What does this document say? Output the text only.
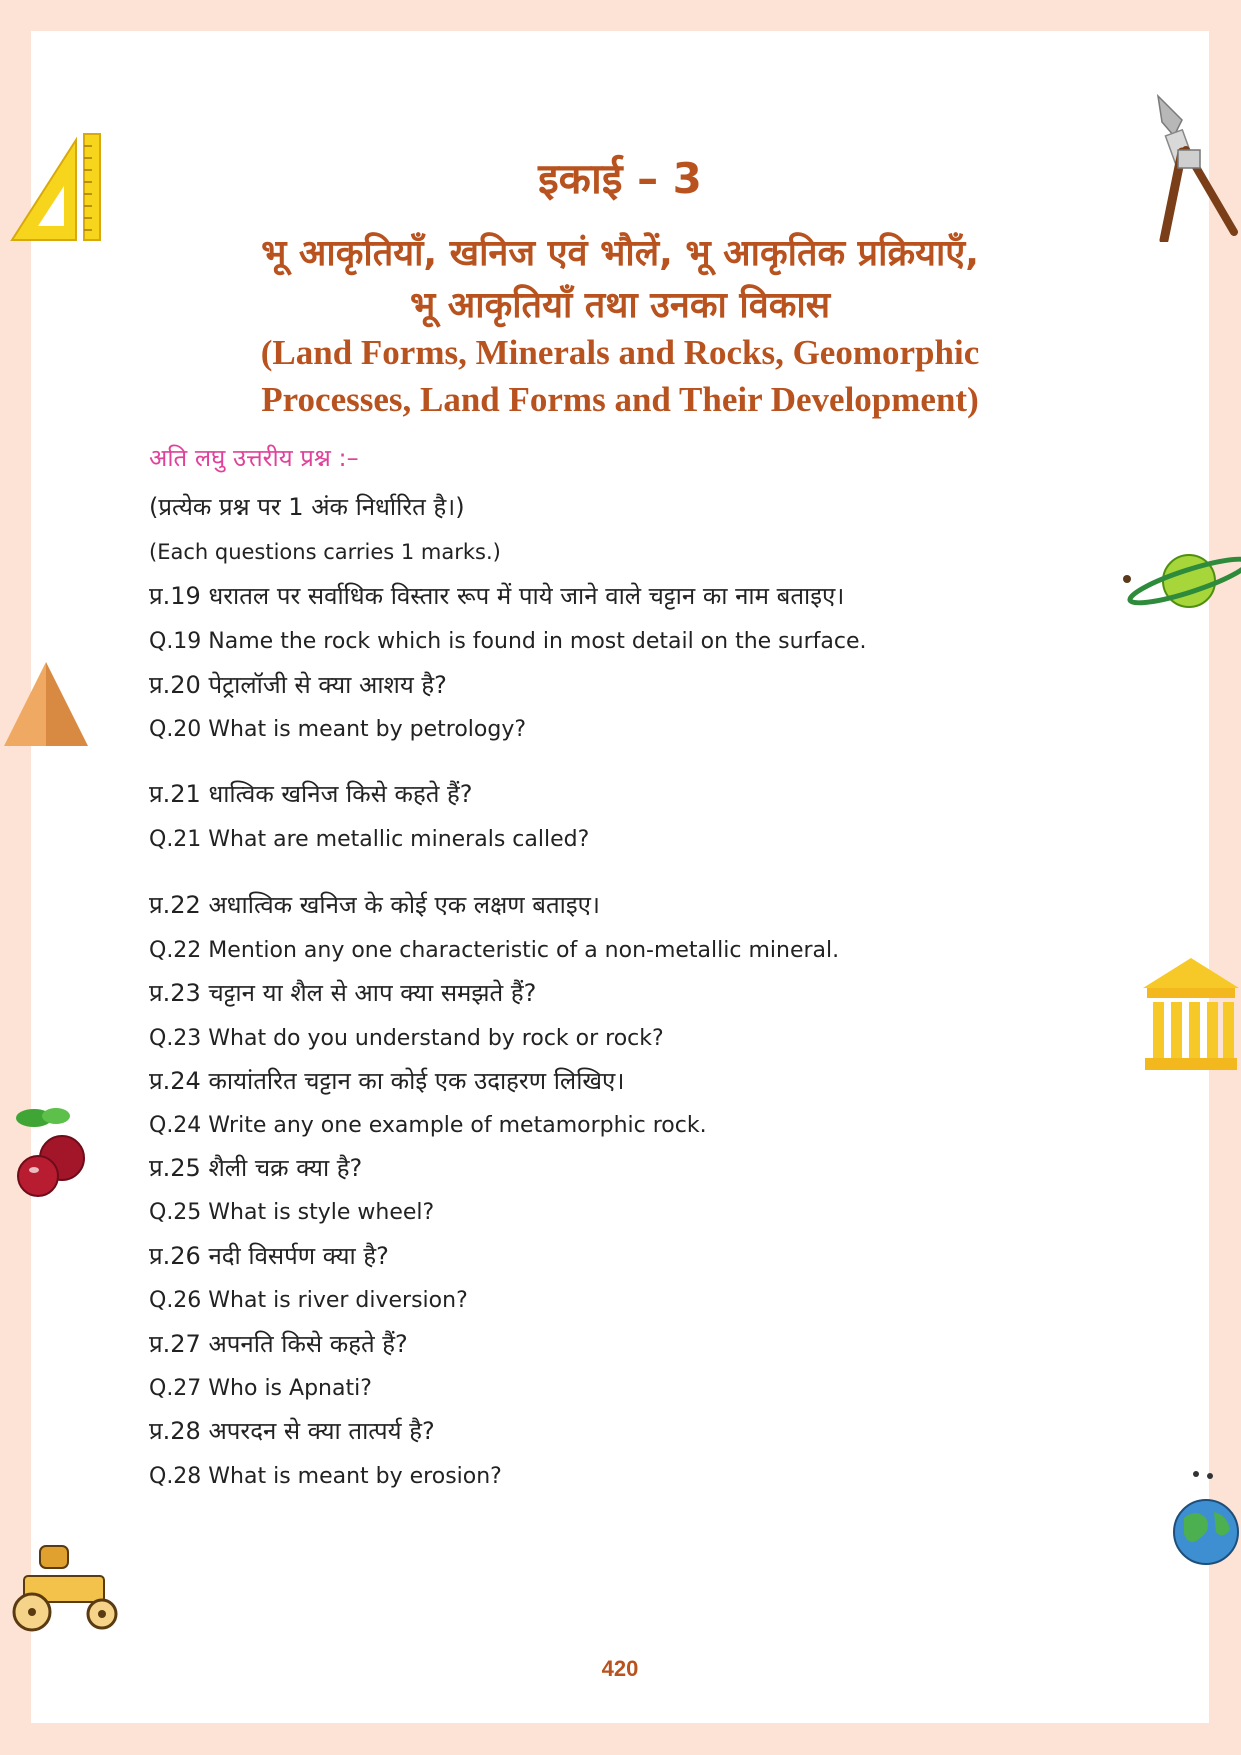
इकाई – 3
भू आकृतियाँ, खनिज एवं भौलें, भू आकृतिक प्रक्रियाएँ,
भू आकृतियाँ तथा उनका विकास
(Land Forms, Minerals and Rocks, Geomorphic
Processes, Land Forms and Their Development)
अति लघु उत्तरीय प्रश्न :–
(प्रत्येक प्रश्न पर 1 अंक निर्धारित है।)
(Each questions carries 1 marks.)
प्र.19 धरातल पर सर्वाधिक विस्तार रूप में पाये जाने वाले चट्टान का नाम बताइए।
Q.19 Name the rock which is found in most detail on the surface.
प्र.20 पेट्रालॉजी से क्या आशय है?
Q.20 What is meant by petrology?
प्र.21 धात्विक खनिज किसे कहते हैं?
Q.21 What are metallic minerals called?
प्र.22 अधात्विक खनिज के कोई एक लक्षण बताइए।
Q.22 Mention any one characteristic of a non-metallic mineral.
प्र.23 चट्टान या शैल से आप क्या समझते हैं?
Q.23 What do you understand by rock or rock?
प्र.24 कायांतरित चट्टान का कोई एक उदाहरण लिखिए।
Q.24 Write any one example of metamorphic rock.
प्र.25 शैली चक्र क्या है?
Q.25 What is style wheel?
प्र.26 नदी विसर्पण क्या है?
Q.26 What is river diversion?
प्र.27 अपनति किसे कहते हैं?
Q.27 Who is Apnati?
प्र.28 अपरदन से क्या तात्पर्य है?
Q.28 What is meant by erosion?
420
